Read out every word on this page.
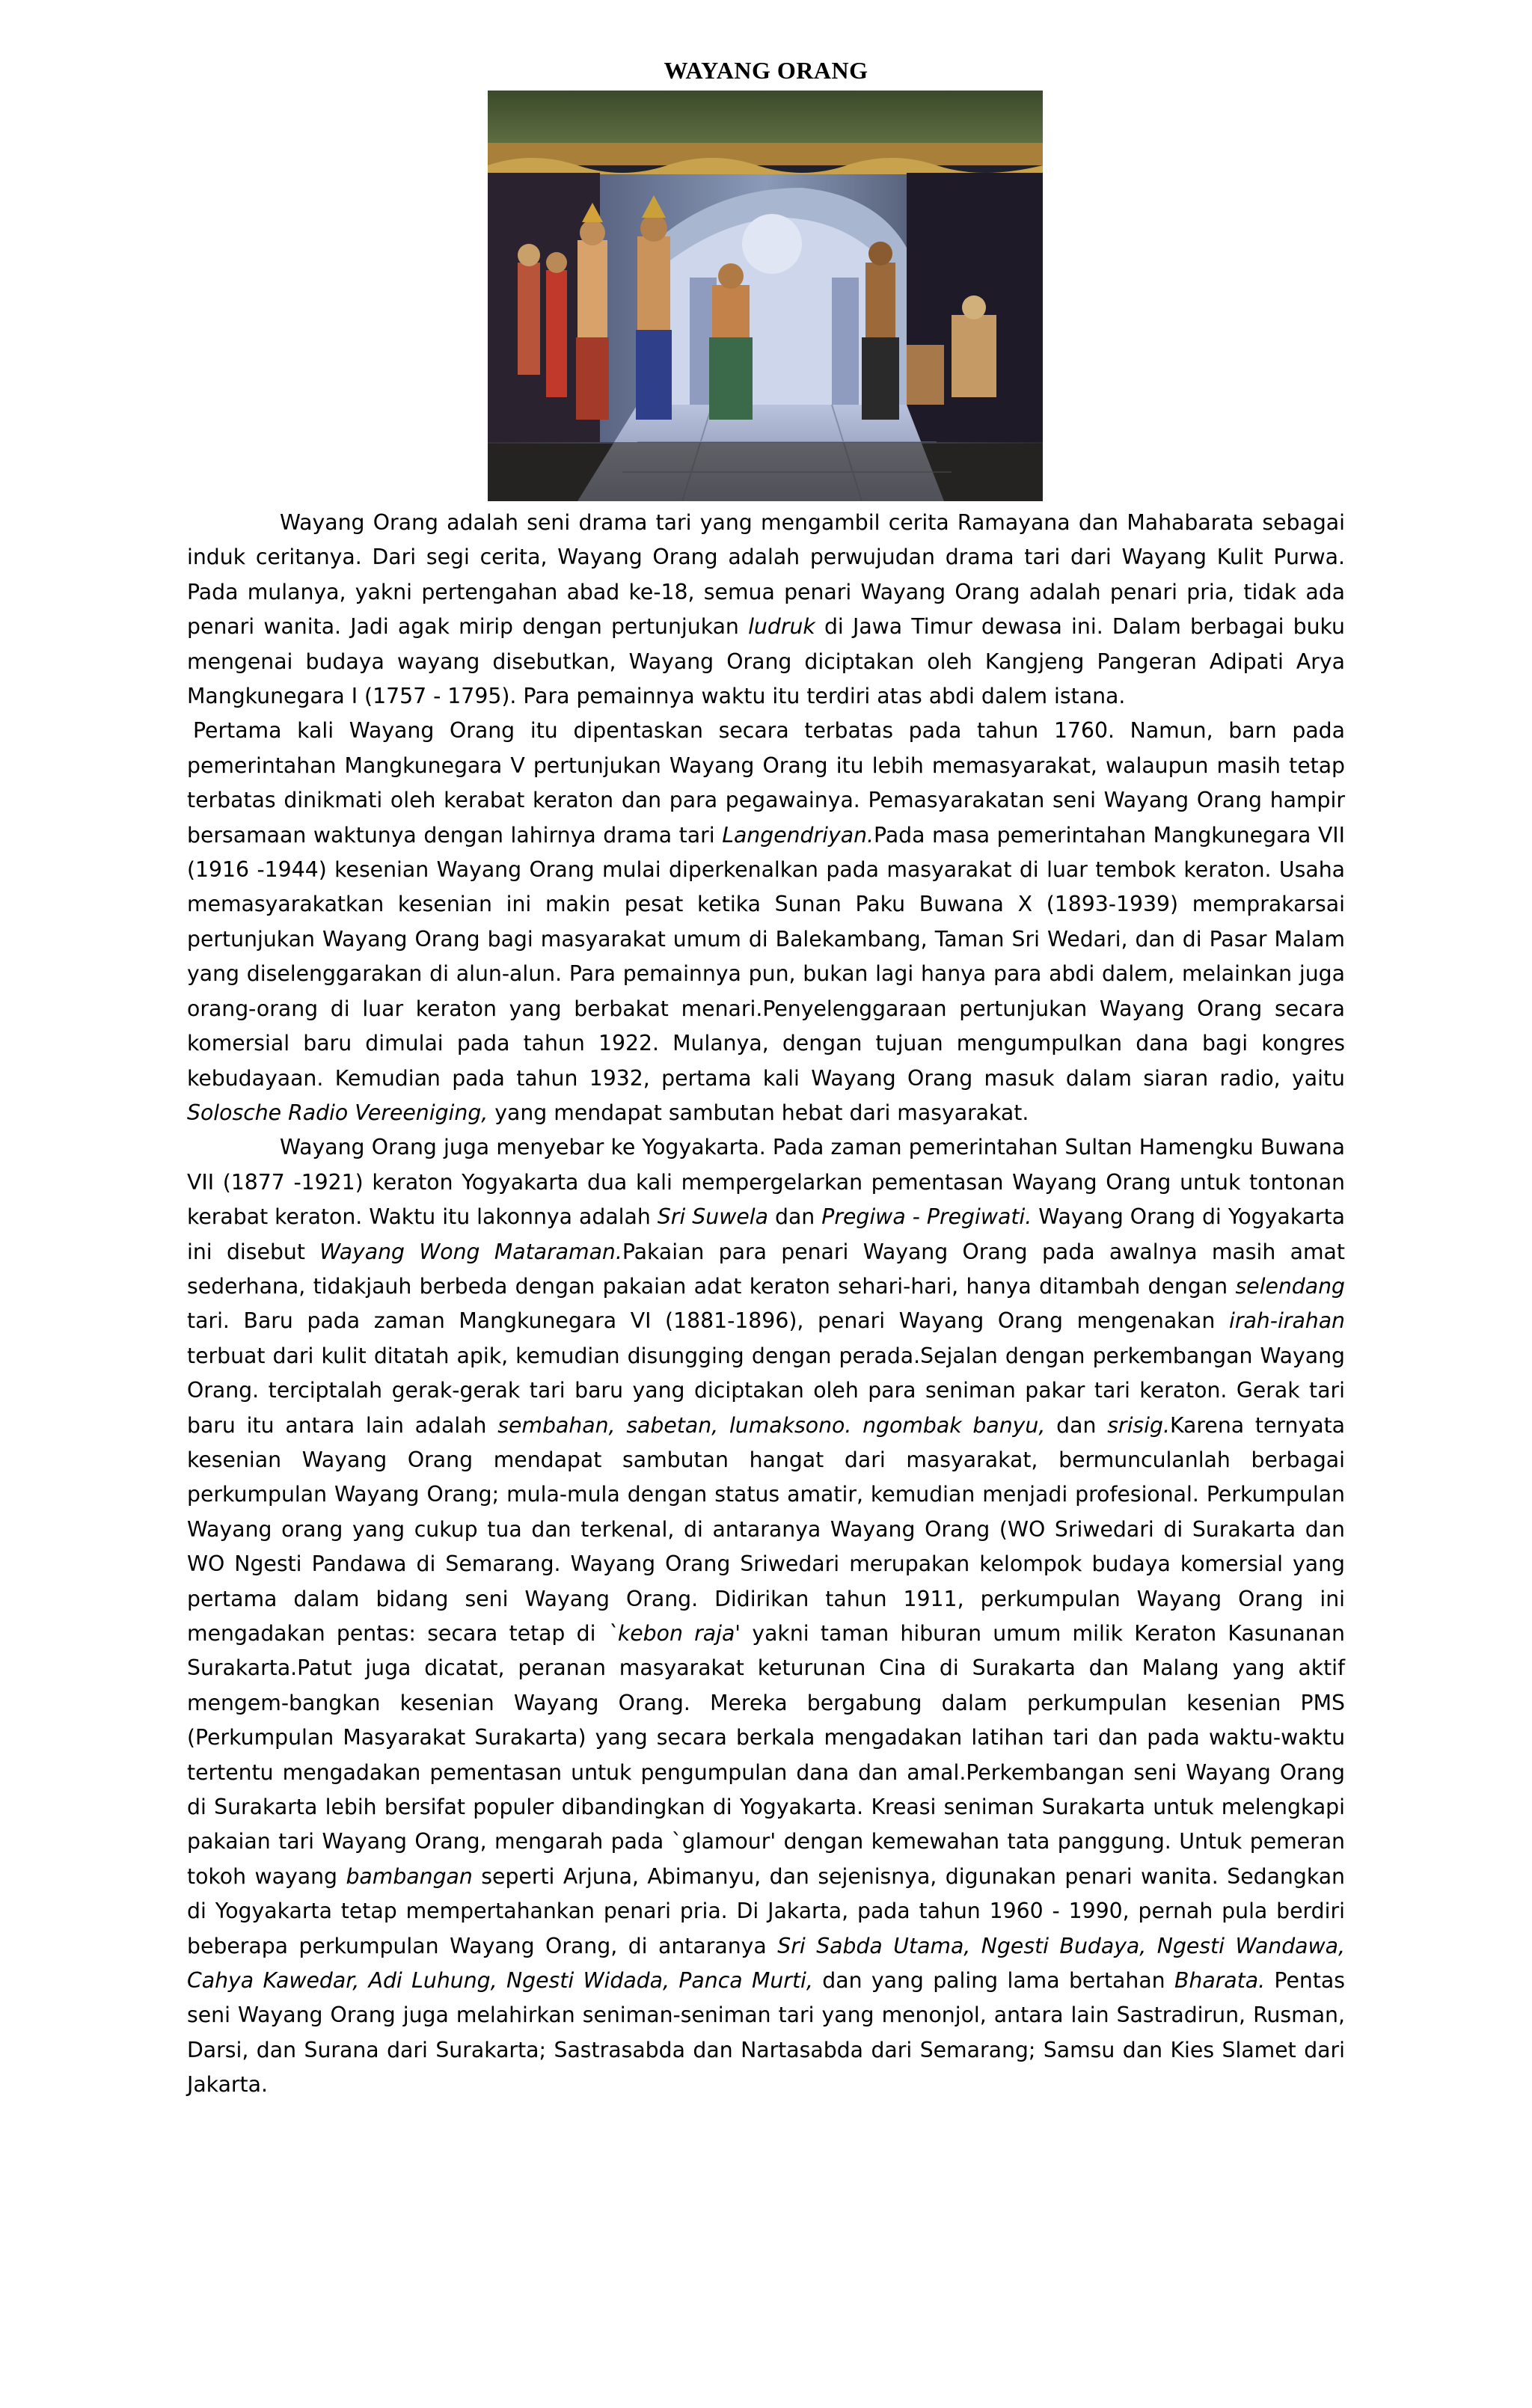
WAYANG ORANG

Wayang Orang adalah seni drama tari yang mengambil cerita Ramayana dan Mahabarata sebagai induk ceritanya. Dari segi cerita, Wayang Orang adalah perwujudan drama tari dari Wayang Kulit Purwa. Pada mulanya, yakni pertengahan abad ke-18, semua penari Wayang Orang adalah penari pria, tidak ada penari wanita. Jadi agak mirip dengan pertunjukan ludruk di Jawa Timur dewasa ini. Dalam berbagai buku mengenai budaya wayang disebutkan, Wayang Orang diciptakan oleh Kangjeng Pangeran Adipati Arya Mangkunegara I (1757 - 1795). Para pemainnya waktu itu terdiri atas abdi dalem istana.

Pertama kali Wayang Orang itu dipentaskan secara terbatas pada tahun 1760. Namun, barn pada pemerintahan Mangkunegara V pertunjukan Wayang Orang itu lebih memasyarakat, walaupun masih tetap terbatas dinikmati oleh kerabat keraton dan para pegawainya. Pemasyarakatan seni Wayang Orang hampir bersamaan waktunya dengan lahirnya drama tari Langendriyan.Pada masa pemerintahan Mangkunegara VII (1916 -1944) kesenian Wayang Orang mulai diperkenalkan pada masyarakat di luar tembok keraton. Usaha memasyarakatkan kesenian ini makin pesat ketika Sunan Paku Buwana X (1893-1939) memprakarsai pertunjukan Wayang Orang bagi masyarakat umum di Balekambang, Taman Sri Wedari, dan di Pasar Malam yang diselenggarakan di alun-alun. Para pemainnya pun, bukan lagi hanya para abdi dalem, melainkan juga orang-orang di luar keraton yang berbakat menari.Penyelenggaraan pertunjukan Wayang Orang secara komersial baru dimulai pada tahun 1922. Mulanya, dengan tujuan mengumpulkan dana bagi kongres kebudayaan. Kemudian pada tahun 1932, pertama kali Wayang Orang masuk dalam siaran radio, yaitu Solosche Radio Vereeniging, yang mendapat sambutan hebat dari masyarakat.

Wayang Orang juga menyebar ke Yogyakarta. Pada zaman pemerintahan Sultan Hamengku Buwana VII (1877 -1921) keraton Yogyakarta dua kali mempergelarkan pementasan Wayang Orang untuk tontonan kerabat keraton. Waktu itu lakonnya adalah Sri Suwela dan Pregiwa - Pregiwati. Wayang Orang di Yogyakarta ini disebut Wayang Wong Mataraman.Pakaian para penari Wayang Orang pada awalnya masih amat sederhana, tidakjauh berbeda dengan pakaian adat keraton sehari-hari, hanya ditambah dengan selendang tari. Baru pada zaman Mangkunegara VI (1881-1896), penari Wayang Orang mengenakan irah-irahan terbuat dari kulit ditatah apik, kemudian disungging dengan perada.Sejalan dengan perkembangan Wayang Orang. terciptalah gerak-gerak tari baru yang diciptakan oleh para seniman pakar tari keraton. Gerak tari baru itu antara lain adalah sembahan, sabetan, lumaksono. ngombak banyu, dan srisig.Karena ternyata kesenian Wayang Orang mendapat sambutan hangat dari masyarakat, bermunculanlah berbagai perkumpulan Wayang Orang; mula-mula dengan status amatir, kemudian menjadi profesional. Perkumpulan Wayang orang yang cukup tua dan terkenal, di antaranya Wayang Orang (WO Sriwedari di Surakarta dan WO Ngesti Pandawa di Semarang. Wayang Orang Sriwedari merupakan kelompok budaya komersial yang pertama dalam bidang seni Wayang Orang. Didirikan tahun 1911, perkumpulan Wayang Orang ini mengadakan pentas: secara tetap di `kebon raja' yakni taman hiburan umum milik Keraton Kasunanan Surakarta.Patut juga dicatat, peranan masyarakat keturunan Cina di Surakarta dan Malang yang aktif mengem-bangkan kesenian Wayang Orang. Mereka bergabung dalam perkumpulan kesenian PMS (Perkumpulan Masyarakat Surakarta) yang secara berkala mengadakan latihan tari dan pada waktu-waktu tertentu mengadakan pementasan untuk pengumpulan dana dan amal.Perkembangan seni Wayang Orang di Surakarta lebih bersifat populer dibandingkan di Yogyakarta. Kreasi seniman Surakarta untuk melengkapi pakaian tari Wayang Orang, mengarah pada `glamour' dengan kemewahan tata panggung. Untuk pemeran tokoh wayang bambangan seperti Arjuna, Abimanyu, dan sejenisnya, digunakan penari wanita. Sedangkan di Yogyakarta tetap mempertahankan penari pria. Di Jakarta, pada tahun 1960 - 1990, pernah pula berdiri beberapa perkumpulan Wayang Orang, di antaranya Sri Sabda Utama, Ngesti Budaya, Ngesti Wandawa, Cahya Kawedar, Adi Luhung, Ngesti Widada, Panca Murti, dan yang paling lama bertahan Bharata. Pentas seni Wayang Orang juga melahirkan seniman-seniman tari yang menonjol, antara lain Sastradirun, Rusman, Darsi, dan Surana dari Surakarta; Sastrasabda dan Nartasabda dari Semarang; Samsu dan Kies Slamet dari Jakarta.
